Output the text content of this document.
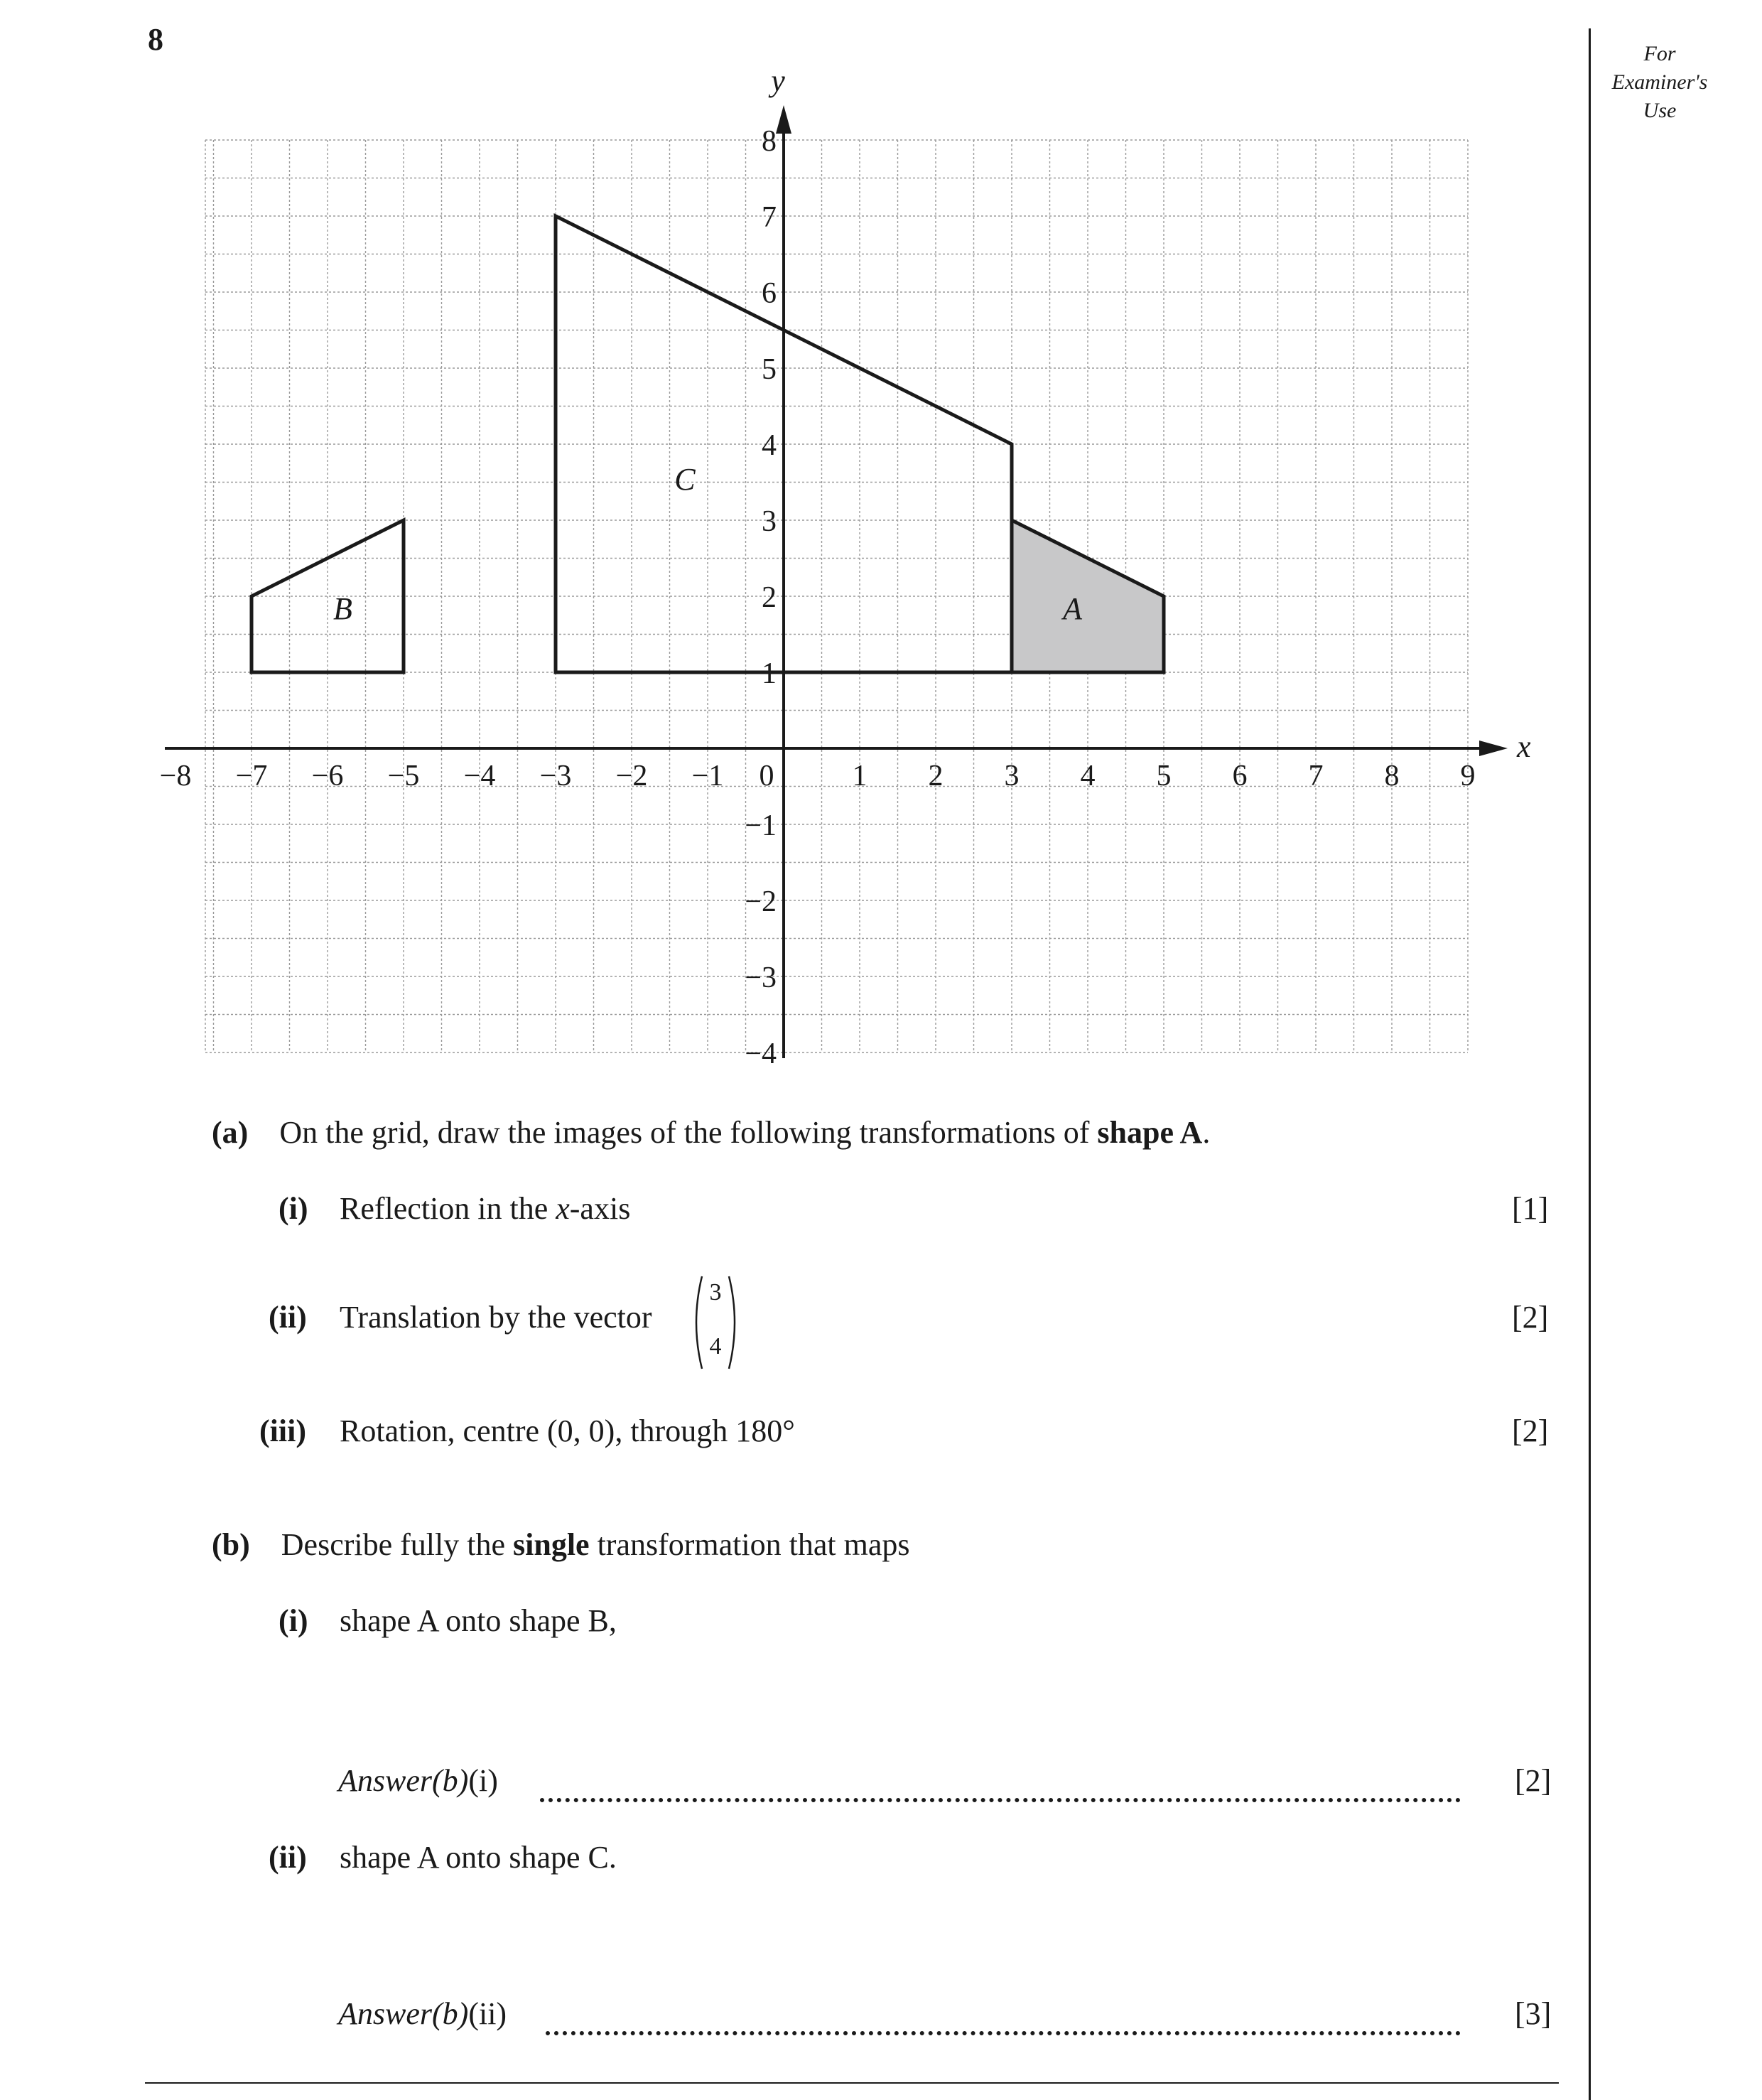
8	For
Examiner's
Use
A
B
C
x
y
−8 −7 −6 −5 −4 −3 −2 −1 0	1 2 3 4 5 6 7 8 9
−4
−3
−2
−1
1
2
3
4
5
6
7
8
(a) On the grid, draw the images of the following transformations of shape A.
(i) Reflection in the x-axis	[1]
(ii) Translation by the vector
3
4
[2]
(iii) Rotation, centre (0, 0), through 180°	[2]
(b) Describe fully the single transformation that maps
(i) shape A onto shape B,
Answer(b)(i)	[2]
(ii) shape A onto shape C.
Answer(b)(ii)	[3]
